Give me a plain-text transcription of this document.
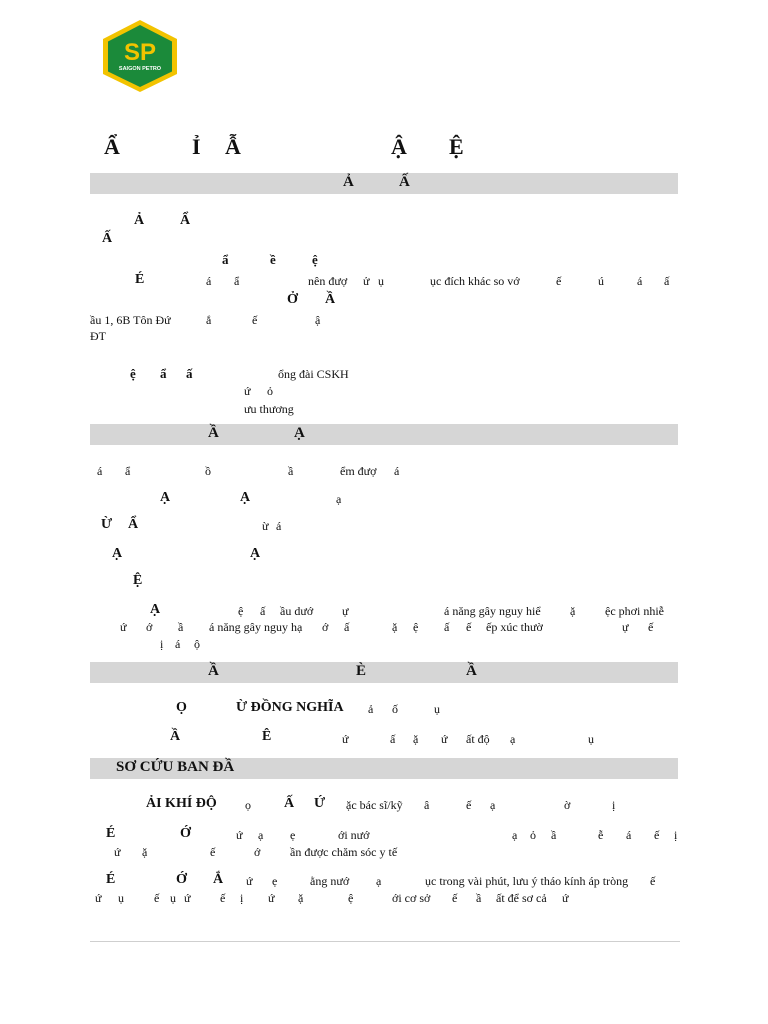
SP
SAIGON PETRO
Ẩ	Ỉ Ẫ	Ậ Ệ
Ả	Ấ
Ả	Ẩ
Ấ
ẩ	ề	ệ
É	á ẩ	nên đượ ử ụ	ục đích khác so vớ	ế	ú	á ấ
Ở Ầ
ầu 1, 6B Tôn Đứ	ắ	ế	ậ
ĐT
ệ ẩ ấ	ổng đài CSKH
ứ ỏ
ưu thương
Ầ	Ạ
á ẩ	ồ	ầ	ểm đượ á
Ạ	Ạ	ạ
Ừ Ẩ	ừ á
Ạ	Ạ
Ệ
Ạ	ệ ấ ầu dướ ự	á năng gây nguy hiể ặ ệc phơi nhiễ
ứ ớ ầ á năng gây nguy hạ ớ ấ	ặ ệ ấ ế ếp xúc thườ	ự ế
ị á ộ
Ầ	È	Ầ
Ọ	Ừ ĐỒNG NGHĨA ả ố	ụ
Ầ	Ê	ứ	ấ ặ ứ ất độ ạ	ụ
SƠ CỨU BAN ĐẦ
ẢI KHÍ ĐỘ ọ Ấ Ứ ặc bác sĩ/kỹ â	ế ạ	ờ	ị
É	Ớ	ứ ạ ẹ	ới nướ	ạ ỏ ầ	ễ á ế ị
ứ ặ	ế	ớ ần được chăm sóc y tế
É	Ớ Ắ ứ ẹ	ằng nướ ạ	ục trong vài phút, lưu ý tháo kính áp tròng ế
ứ ụ	ế ụ ứ ế ị ứ ặ	ệ	ới cơ sở ế ầ ất để sơ cả ứ
